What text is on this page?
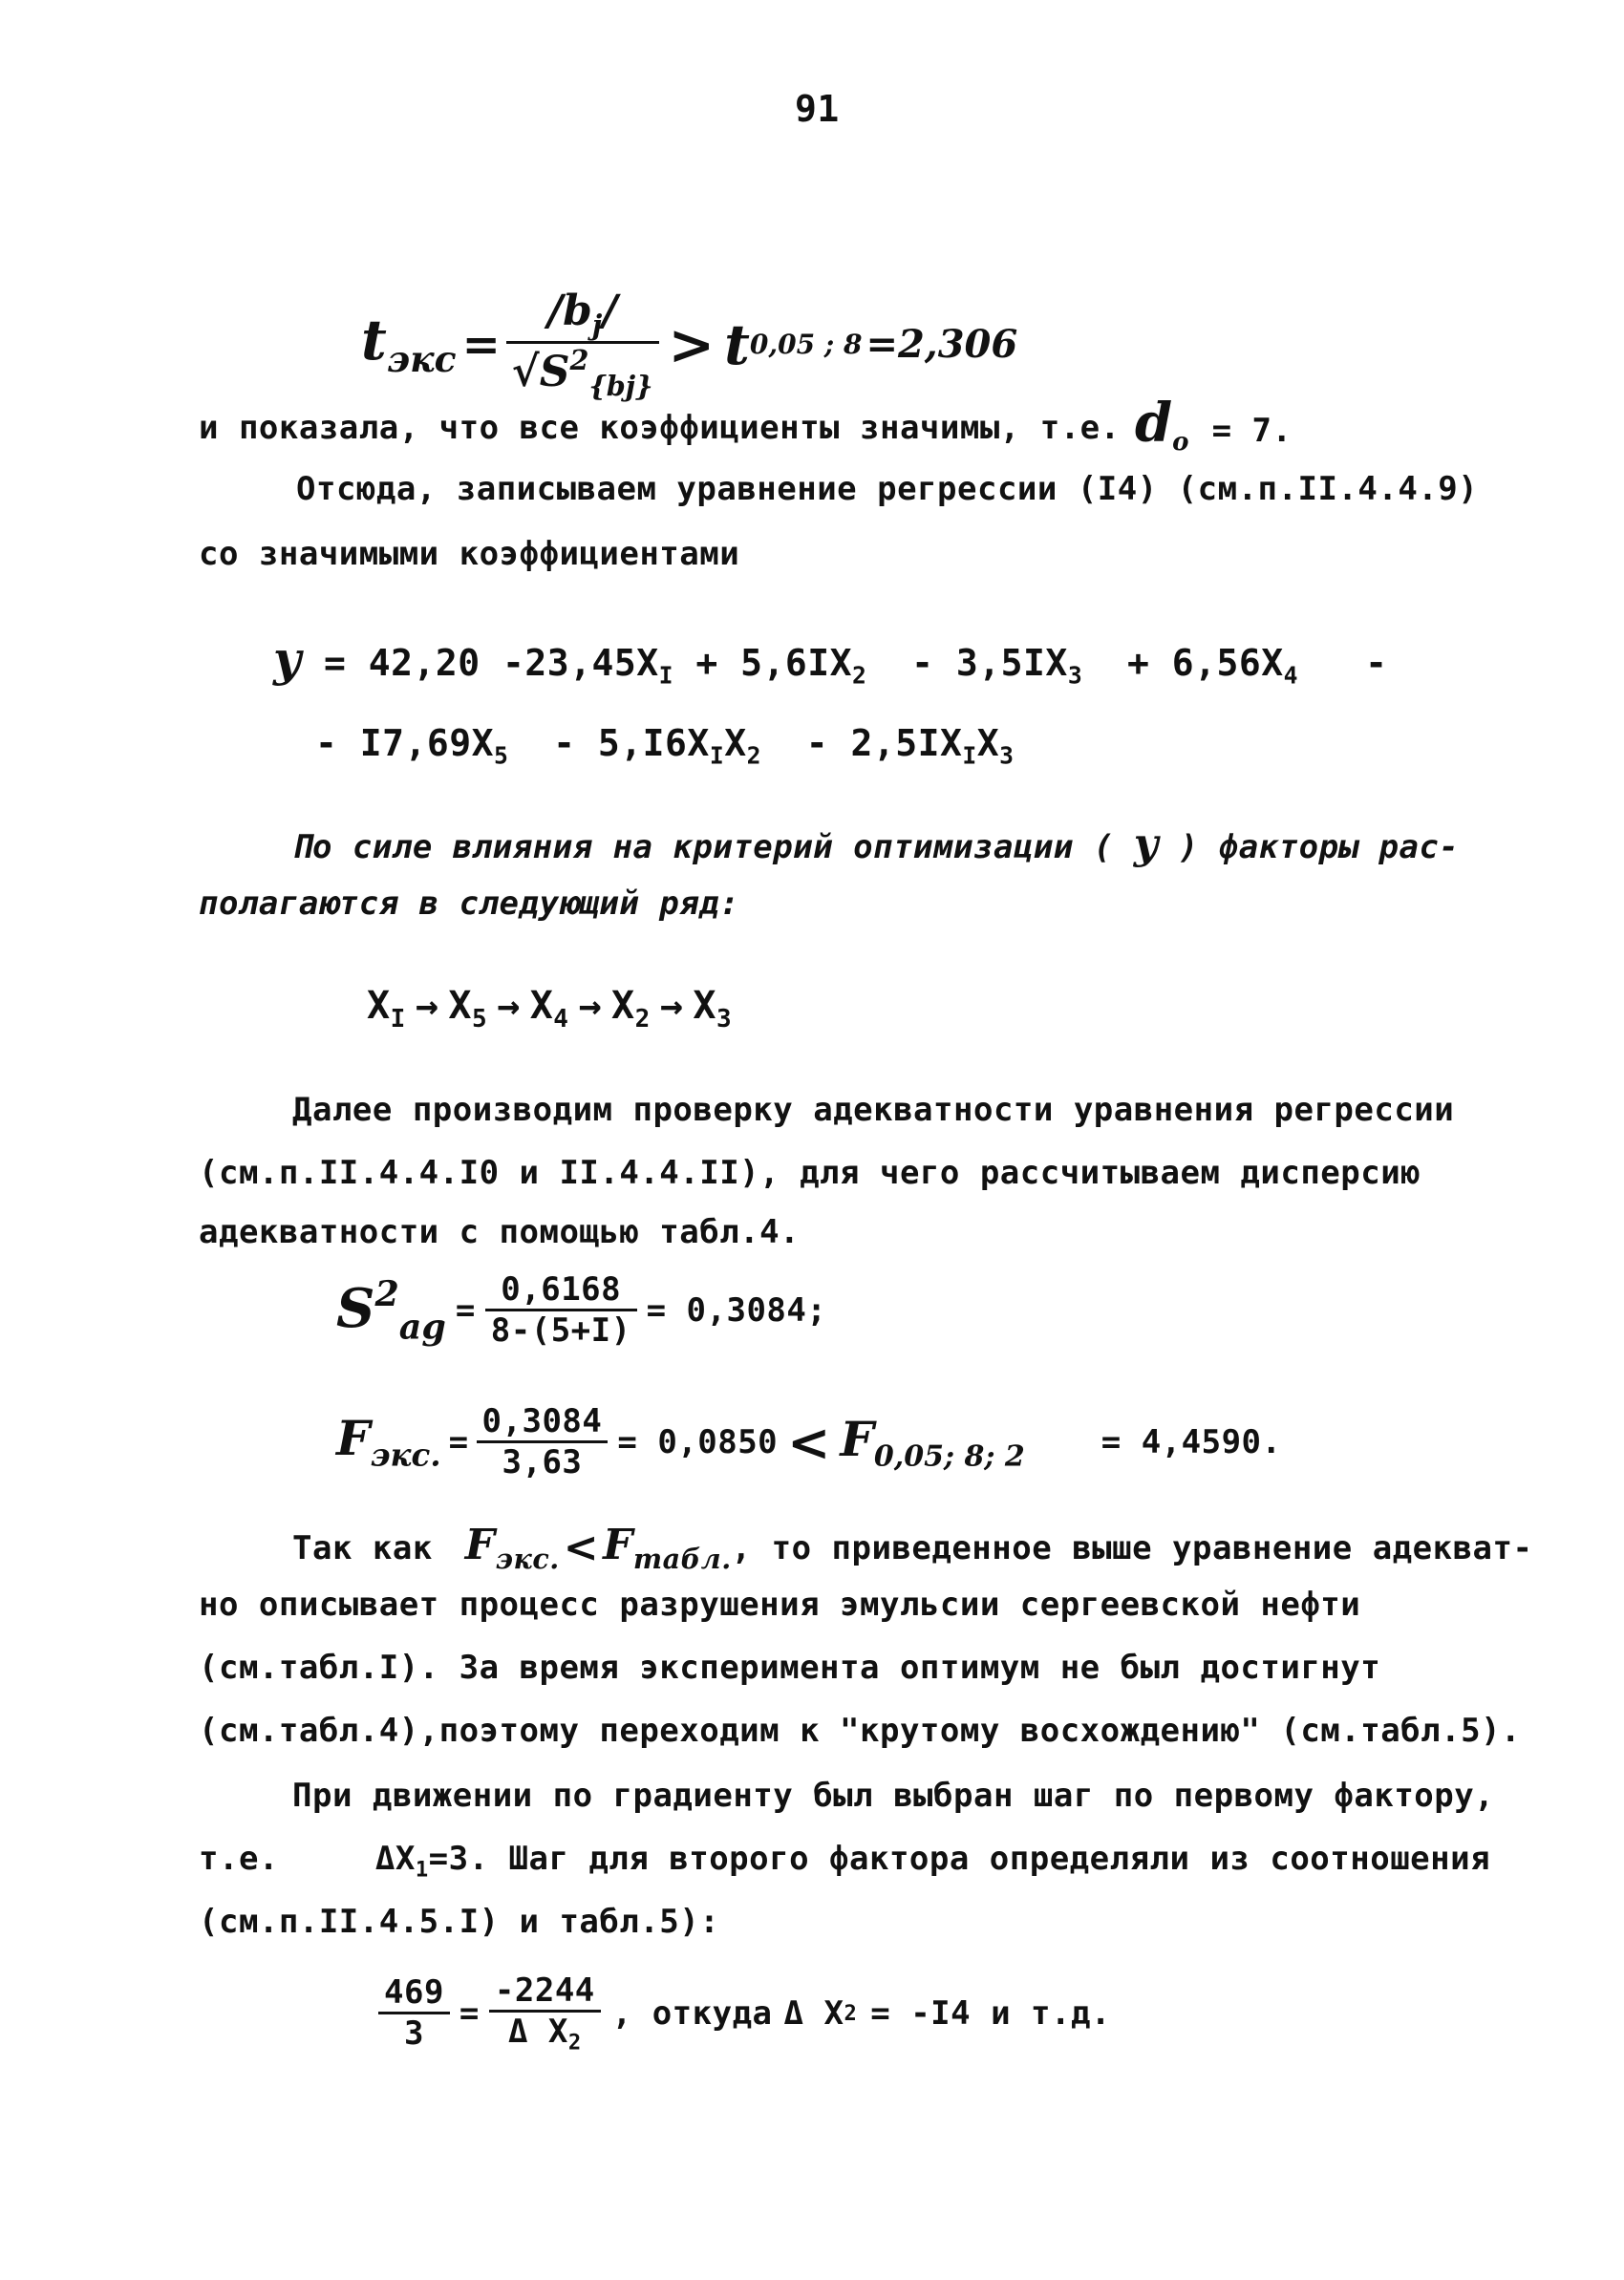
91
$t_{экс} = \frac{/b_j/}{√S^2_{\{bj\}}} > t$ 0,05 ; 8 =2,306
и показала, что все коэффициенты значимы, т.е. $d_o = 7$.
Отсюда, записываем уравнение регрессии (I4) (см.п.II.4.4.9)
со значимыми коэффициентами
y = 42,20 $-23,45X_I + 5,6IX_2 - 3,5IX_3 + 6,56X_4$   -
- $I7,69X_5 - 5,I6X_IX_2 - 2,5IX_IX_3$
По силе влияния на критерий оптимизации ( y ) факторы рас-
полагаются в следующий ряд:
$X_I \to X_5 \to X_4 \to X_2 \to X_3$
Далее производим проверку адекватности уравнения регрессии
(см.п.II.4.4.I0 и II.4.4.II), для чего рассчитываем дисперсию
адекватности с помощью табл.4.
$S^2_{ag} = \frac{0,6168}{8-(5+I)} = 0,3084$;
$F_{экс.} = \frac{0,3084}{3,63} = 0,0850 < F_{0,05; 8; 2} = 4,4590$.
Так как $F_{экс.} < F_{табл.}$ , то приведенное выше уравнение адекват-
но описывает процесс разрушения эмульсии сергеевской нефти
(см.табл.I). За время эксперимента оптимум не был достигнут
(см.табл.4),поэтому переходим к "крутому восхождению" (см.табл.5).
При движении по градиенту был выбран шаг по первому фактору,
т.е.	$\Delta X_1=3$. Шаг для второго фактора определяли из соотношения
(см.п.II.4.5.I) и табл.5):
$\frac{469}{3} = \frac{-2244}{\Delta X_2}$ , откуда Δ X 2 = -I4 и т.д.
